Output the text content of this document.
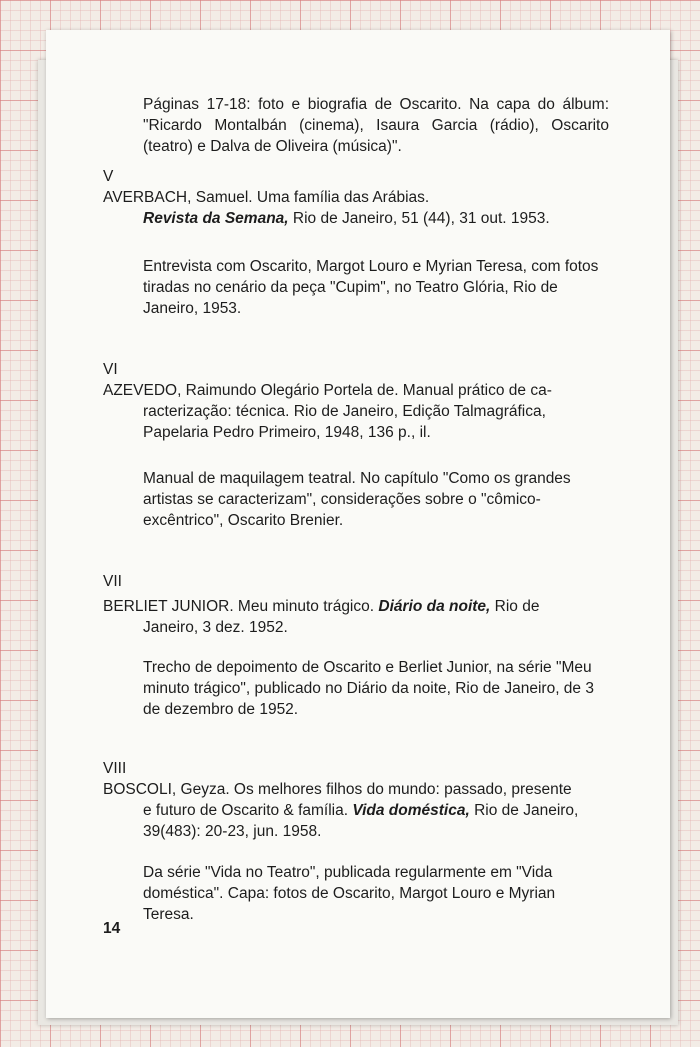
Páginas 17-18: foto e biografia de Oscarito. Na capa do álbum: "Ricardo Montalbán (cinema), Isaura Garcia (rádio), Oscarito (teatro) e Dalva de Oliveira (música)".

V
AVERBACH, Samuel. Uma família das Arábias.
Revista da Semana, Rio de Janeiro, 51 (44), 31 out. 1953.

Entrevista com Oscarito, Margot Louro e Myrian Teresa, com fotos tiradas no cenário da peça "Cupim", no Teatro Glória, Rio de Janeiro, 1953.

VI
AZEVEDO, Raimundo Olegário Portela de. Manual prático de ca-
racterização: técnica. Rio de Janeiro, Edição Talmagráfica, Papelaria Pedro Primeiro, 1948, 136 p., il.

Manual de maquilagem teatral. No capítulo "Como os grandes artistas se caracterizam", considerações sobre o "cômico-excêntrico", Oscarito Brenier.

VII
BERLIET JUNIOR. Meu minuto trágico. Diário da noite, Rio de
Janeiro, 3 dez. 1952.

Trecho de depoimento de Oscarito e Berliet Junior, na série "Meu minuto trágico", publicado no Diário da noite, Rio de Janeiro, de 3 de dezembro de 1952.

VIII
BOSCOLI, Geyza. Os melhores filhos do mundo: passado, presente
e futuro de Oscarito & família. Vida doméstica, Rio de Janeiro, 39(483): 20-23, jun. 1958.

Da série "Vida no Teatro", publicada regularmente em "Vida doméstica". Capa: fotos de Oscarito, Margot Louro e Myrian Teresa.

14
